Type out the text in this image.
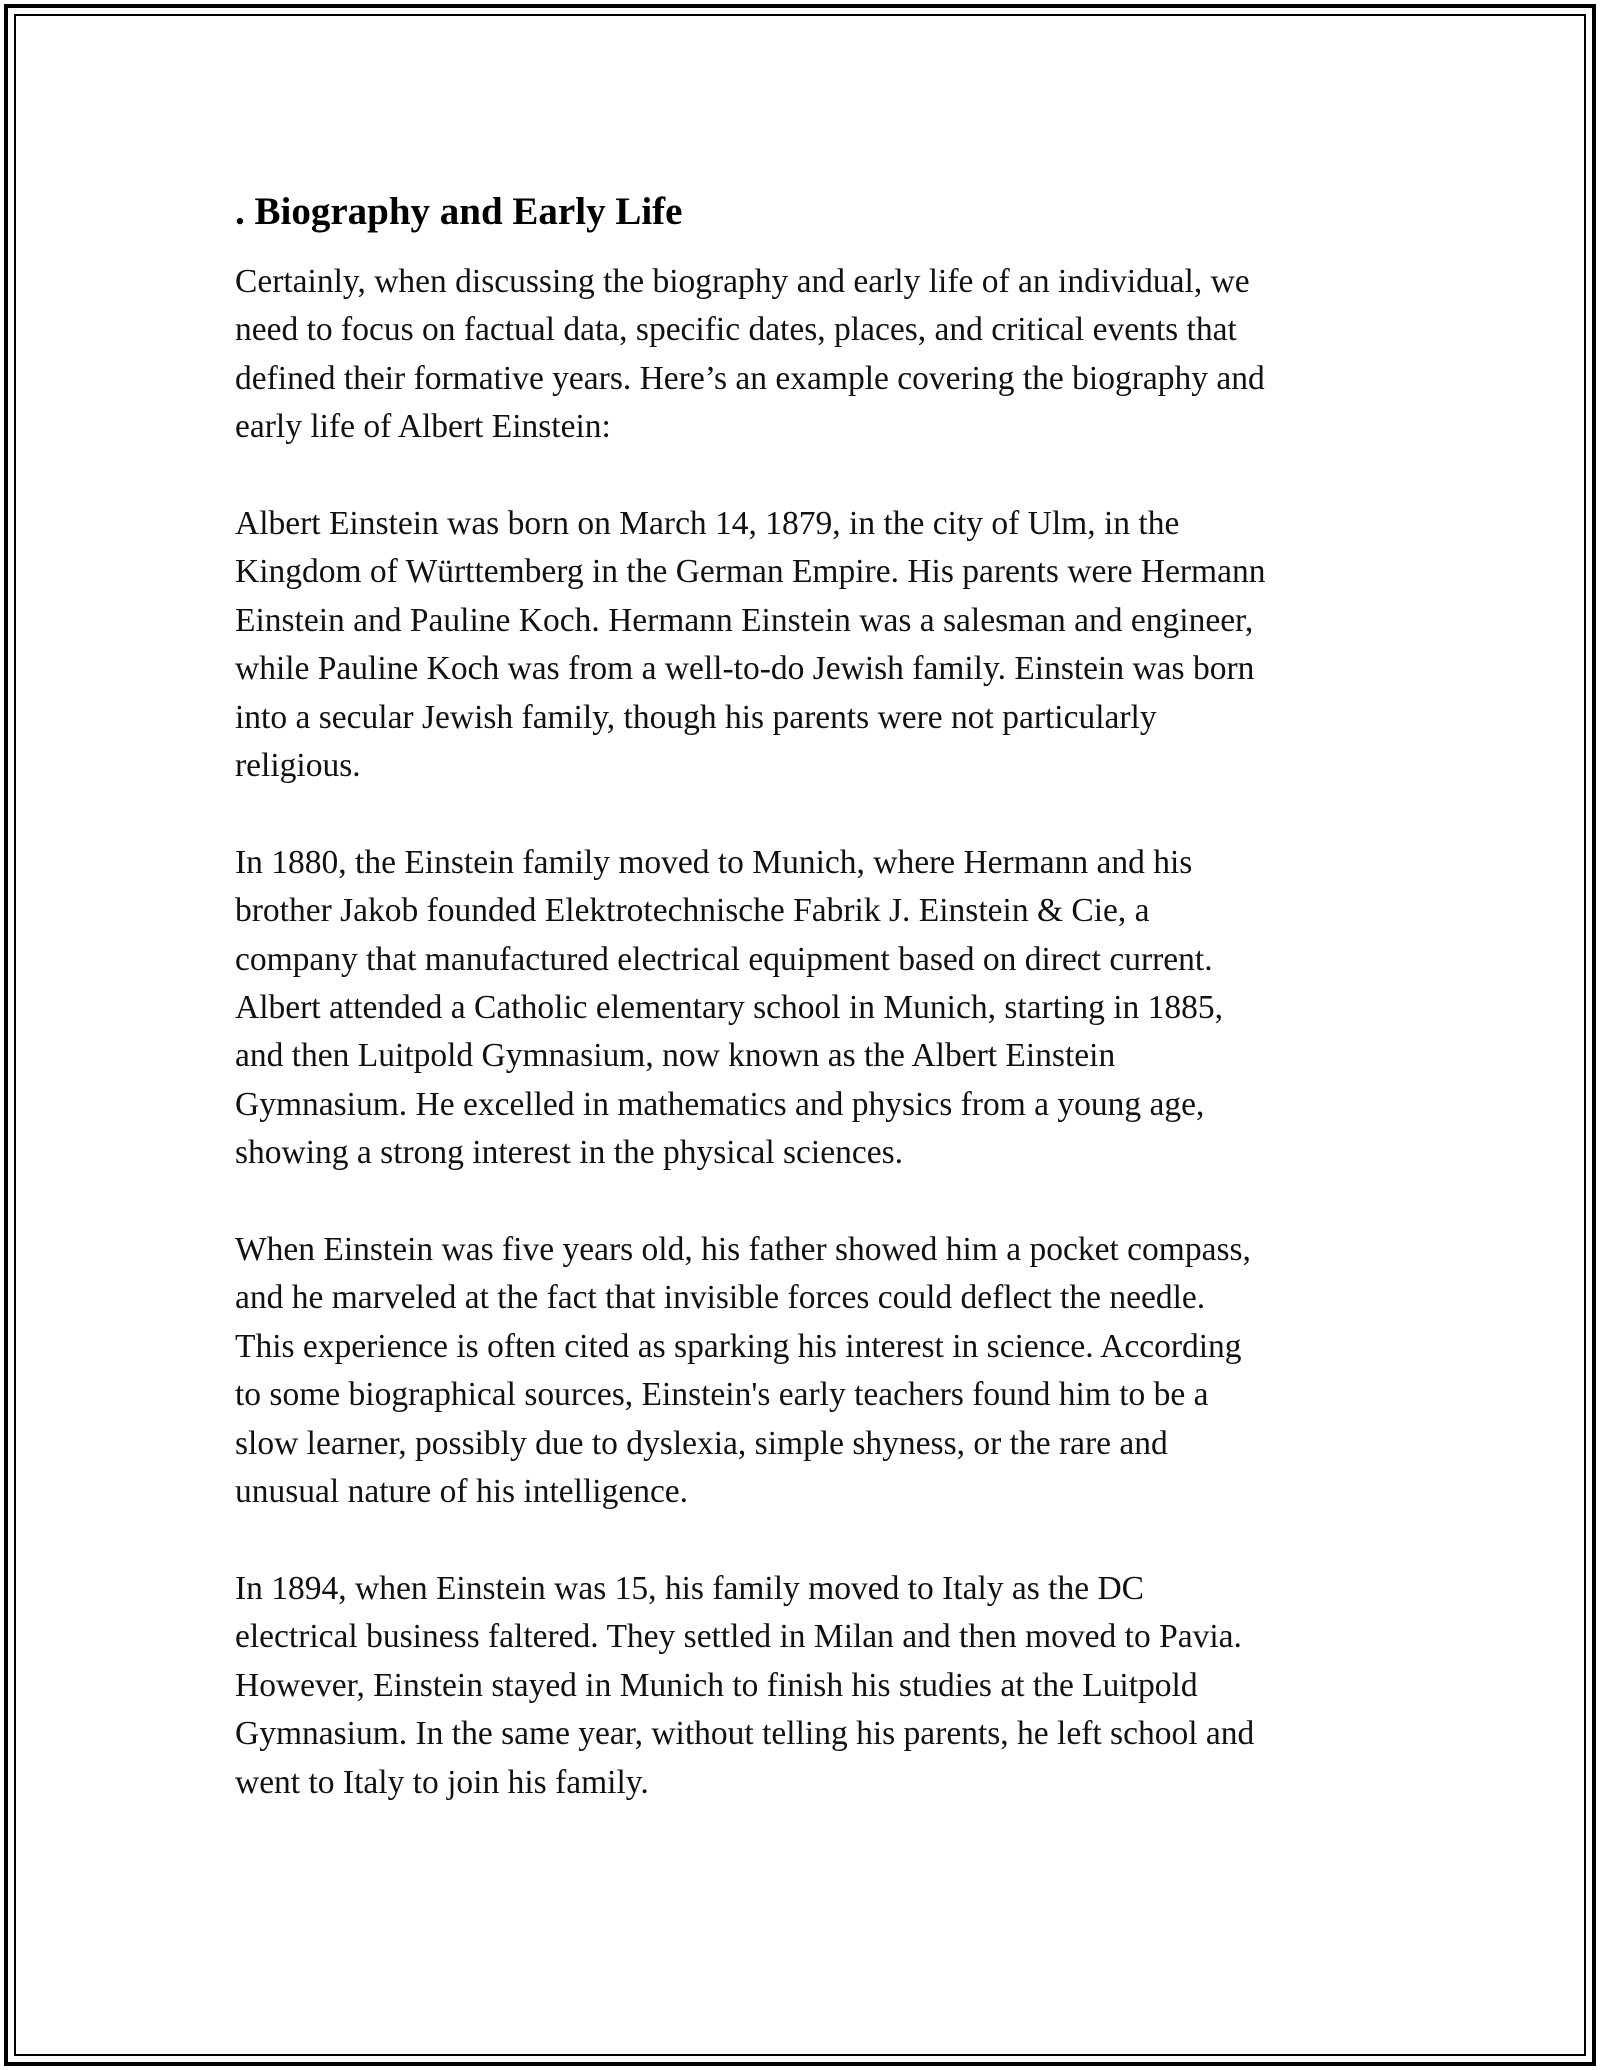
. Biography and Early Life

Certainly, when discussing the biography and early life of an individual, we
need to focus on factual data, specific dates, places, and critical events that
defined their formative years. Here’s an example covering the biography and
early life of Albert Einstein:

Albert Einstein was born on March 14, 1879, in the city of Ulm, in the
Kingdom of Württemberg in the German Empire. His parents were Hermann
Einstein and Pauline Koch. Hermann Einstein was a salesman and engineer,
while Pauline Koch was from a well-to-do Jewish family. Einstein was born
into a secular Jewish family, though his parents were not particularly
religious.

In 1880, the Einstein family moved to Munich, where Hermann and his
brother Jakob founded Elektrotechnische Fabrik J. Einstein & Cie, a
company that manufactured electrical equipment based on direct current.
Albert attended a Catholic elementary school in Munich, starting in 1885,
and then Luitpold Gymnasium, now known as the Albert Einstein
Gymnasium. He excelled in mathematics and physics from a young age,
showing a strong interest in the physical sciences.

When Einstein was five years old, his father showed him a pocket compass,
and he marveled at the fact that invisible forces could deflect the needle.
This experience is often cited as sparking his interest in science. According
to some biographical sources, Einstein's early teachers found him to be a
slow learner, possibly due to dyslexia, simple shyness, or the rare and
unusual nature of his intelligence.

In 1894, when Einstein was 15, his family moved to Italy as the DC
electrical business faltered. They settled in Milan and then moved to Pavia.
However, Einstein stayed in Munich to finish his studies at the Luitpold
Gymnasium. In the same year, without telling his parents, he left school and
went to Italy to join his family.
